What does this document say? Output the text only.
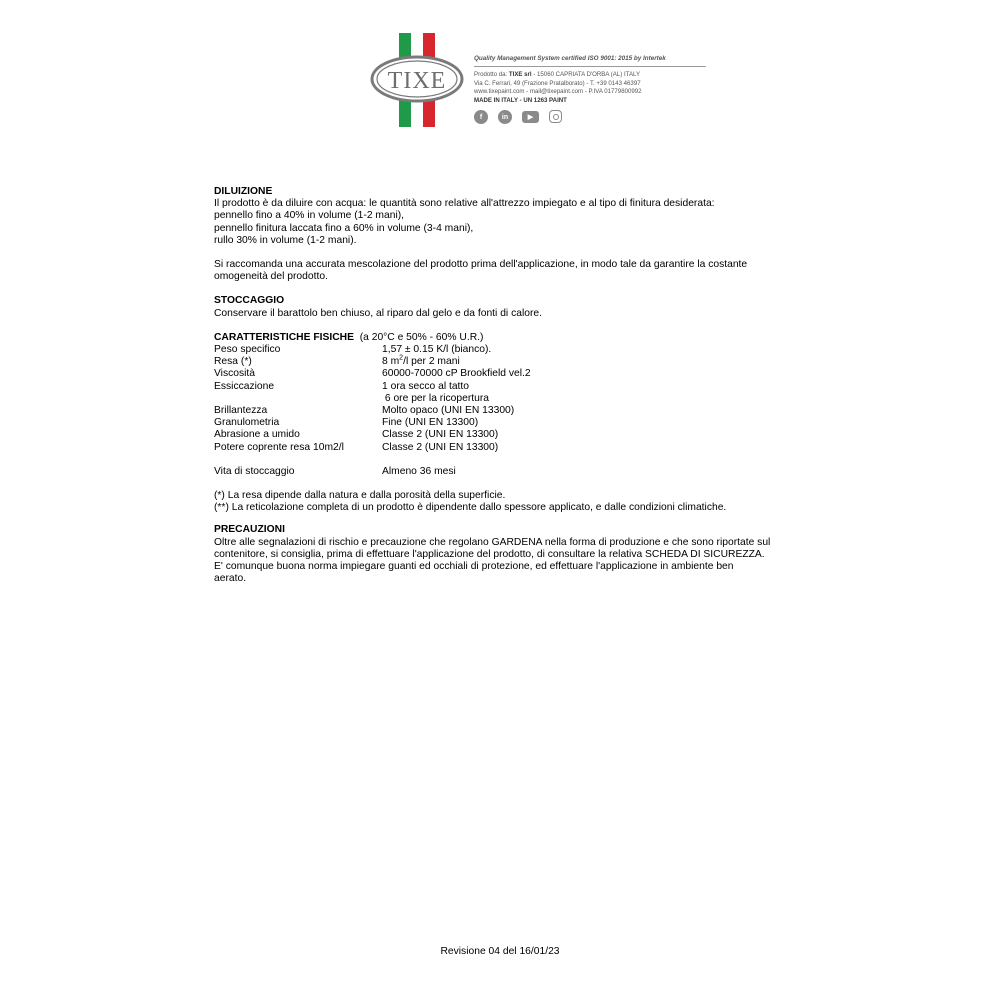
TIXE
Quality Management System certified ISO 9001: 2015 by Intertek
Prodotto da: TIXE srl - 15060 CAPRIATA D'ORBA (AL) ITALY
Via C. Ferrari, 49 (Frazione Pratalborato) - T. +39 0143 46397
www.tixepaint.com - mail@tixepaint.com - P.IVA 01779800992
MADE IN ITALY - UN 1263 PAINT
f	in	▶
DILUIZIONE
Il prodotto è da diluire con acqua: le quantità sono relative all'attrezzo impiegato e al tipo di finitura desiderata:
pennello fino a 40% in volume (1-2 mani),
pennello finitura laccata fino a 60% in volume (3-4 mani),
rullo 30% in volume (1-2 mani).
Si raccomanda una accurata mescolazione del prodotto prima dell'applicazione, in modo tale da garantire la costante
omogeneità del prodotto.
STOCCAGGIO
Conservare il barattolo ben chiuso, al riparo dal gelo e da fonti di calore.
CARATTERISTICHE FISICHE (a 20°C e 50% - 60% U.R.)
Peso specifico	1,57 ± 0.15 K/l (bianco).
Resa (*)	8 $m^2/l$ per 2 mani
Viscosità	60000-70000 cP Brookfield vel.2
Essiccazione	1 ora secco al tatto
6 ore per la ricopertura
Brillantezza	Molto opaco (UNI EN 13300)
Granulometria	Fine (UNI EN 13300)
Abrasione a umido	Classe 2 (UNI EN 13300)
Potere coprente resa 10m2/l	Classe 2 (UNI EN 13300)
Vita di stoccaggio	Almeno 36 mesi
(*) La resa dipende dalla natura e dalla porosità della superficie.
(**) La reticolazione completa di un prodotto è dipendente dallo spessore applicato, e dalle condizioni climatiche.
PRECAUZIONI
Oltre alle segnalazioni di rischio e precauzione che regolano GARDENA nella forma di produzione e che sono riportate sul
contenitore, si consiglia, prima di effettuare l'applicazione del prodotto, di consultare la relativa SCHEDA DI SICUREZZA.
E' comunque buona norma impiegare guanti ed occhiali di protezione, ed effettuare l'applicazione in ambiente ben
aerato.
Revisione 04 del 16/01/23
